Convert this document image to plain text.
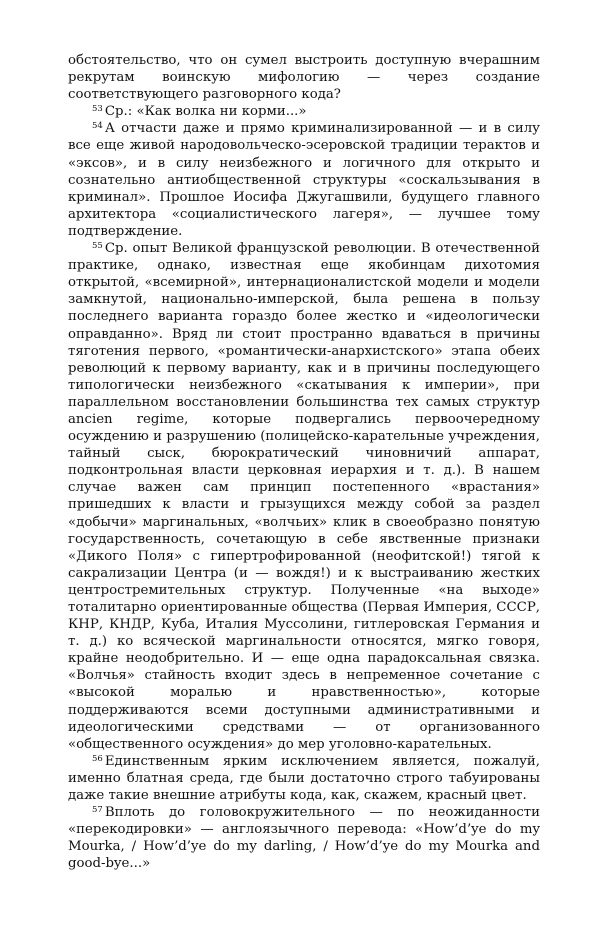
обстоятельство, что он сумел выстроить доступную вчерашним рекрутам воинскую мифологию — через создание соответствующего разговорного кода?

$^{53}$ Ср.: «Как волка ни корми...»

$^{54}$ А отчасти даже и прямо криминализированной — и в силу все еще живой народовольческо-эсеровской традиции терактов и «эксов», и в силу неизбежного и логичного для открыто и сознательно антиобщественной структуры «соскальзывания в криминал». Прошлое Иосифа Джугашвили, будущего главного архитектора «социалистического лагеря», — лучшее тому подтверждение.

$^{55}$ Ср. опыт Великой французской революции. В отечественной практике, однако, известная еще якобинцам дихотомия открытой, «всемирной», интернационалистской модели и модели замкнутой, национально-имперской, была решена в пользу последнего варианта гораздо более жестко и «идеологически оправданно». Вряд ли стоит пространно вдаваться в причины тяготения первого, «романтически-анархистского» этапа обеих революций к первому варианту, как и в причины последующего типологически неизбежного «скатывания к империи», при параллельном восстановлении большинства тех самых структур ancien regime, которые подвергались первоочередному осуждению и разрушению (полицейско-карательные учреждения, тайный сыск, бюрократический чиновничий аппарат, подконтрольная власти церковная иерархия и т. д.). В нашем случае важен сам принцип постепенного «врастания» пришедших к власти и грызущихся между собой за раздел «добычи» маргинальных, «волчьих» клик в своеобразно понятую государственность, сочетающую в себе явственные признаки «Дикого Поля» с гипертрофированной (неофитской!) тягой к сакрализации Центра (и — вождя!) и к выстраиванию жестких центростремительных структур. Полученные «на выходе» тоталитарно ориентированные общества (Первая Империя, СССР, КНР, КНДР, Куба, Италия Муссолини, гитлеровская Германия и т. д.) ко всяческой маргинальности относятся, мягко говоря, крайне неодобрительно. И — еще одна парадоксальная связка. «Волчья» стайность входит здесь в непременное сочетание с «высокой моралью и нравственностью», которые поддерживаются всеми доступными административными и идеологическими средствами — от организованного «общественного осуждения» до мер уголовно-карательных.

$^{56}$ Единственным ярким исключением является, пожалуй, именно блатная среда, где были достаточно строго табуированы даже такие внешние атрибуты кода, как, скажем, красный цвет.

$^{57}$ Вплоть до головокружительного — по неожиданности «перекодировки» — англоязычного перевода: «How’d’ye do my Mourka, / How’d’ye do my darling, / How’d’ye do my Mourka and good-bye...»
